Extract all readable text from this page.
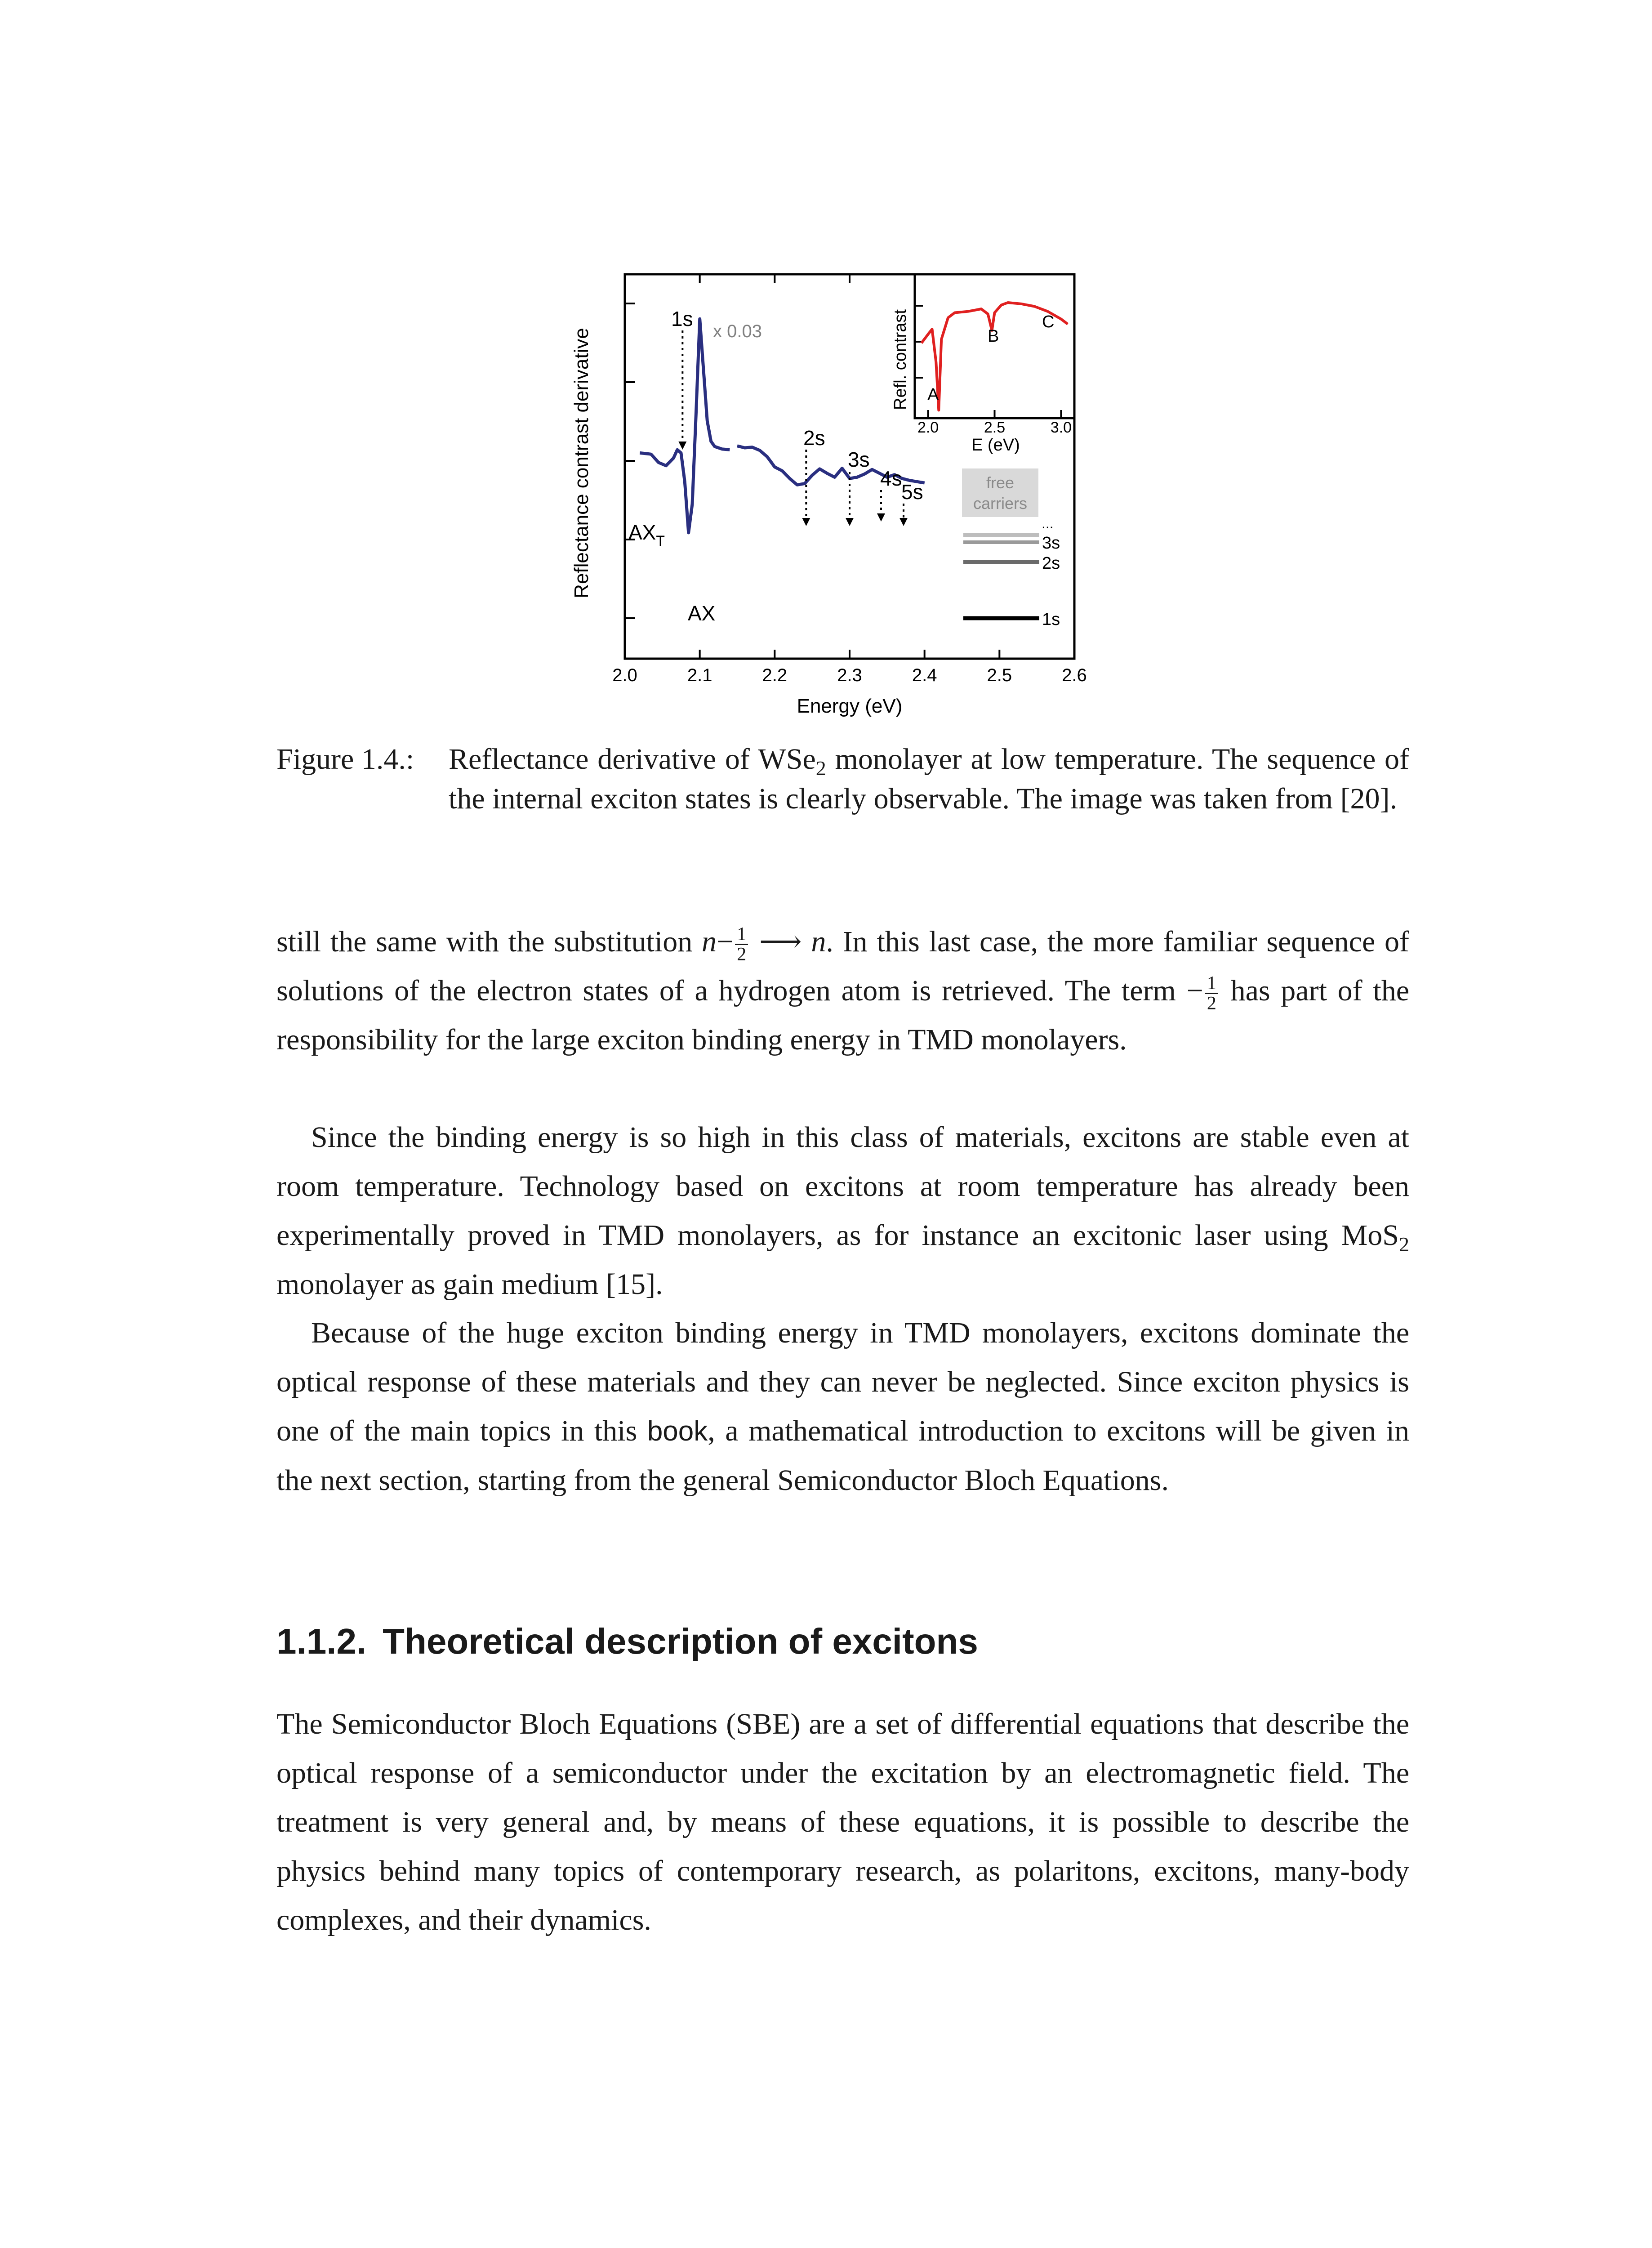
2.0	2.1	2.2	2.3	2.4	2.5	2.6
Energy (eV)
Reflectance contrast derivative
1s
x 0.03
2s
3s
4s
5s
$AX_T$
AX
2.0	2.5	3.0
E (eV)
Refl. contrast A
B
C
free
carriers
...
3s
2s
1s
Figure 1.4.: Reflectance derivative of WSe$_2$ monolayer at low temperature. The sequence of the internal exciton states is clearly observable. The image was taken from [20].
still the same with the substitution $n- \frac{1}{2}$ ⟶ n. In this last case, the more familiar sequence of solutions of the electron states of a hydrogen atom is retrieved. The term − $\frac{1}{2}$ has part of the responsibility for the large exciton binding energy in TMD monolayers.
Since the binding energy is so high in this class of materials, excitons are stable even at room temperature. Technology based on excitons at room temperature has already been experimentally proved in TMD monolayers, as for instance an excitonic laser using MoS$_2$ monolayer as gain medium [15].
Because of the huge exciton binding energy in TMD monolayers, excitons dominate the optical response of these materials and they can never be neglected. Since exciton physics is one of the main topics in this book, a mathematical introduction to excitons will be given in the next section, starting from the general Semiconductor Bloch Equations.
1.1.2. Theoretical description of excitons
The Semiconductor Bloch Equations (SBE) are a set of differential equations that describe the optical response of a semiconductor under the excitation by an electromagnetic field. The treatment is very general and, by means of these equations, it is possible to describe the physics behind many topics of contemporary research, as polaritons, excitons, many-body complexes, and their dynamics.
